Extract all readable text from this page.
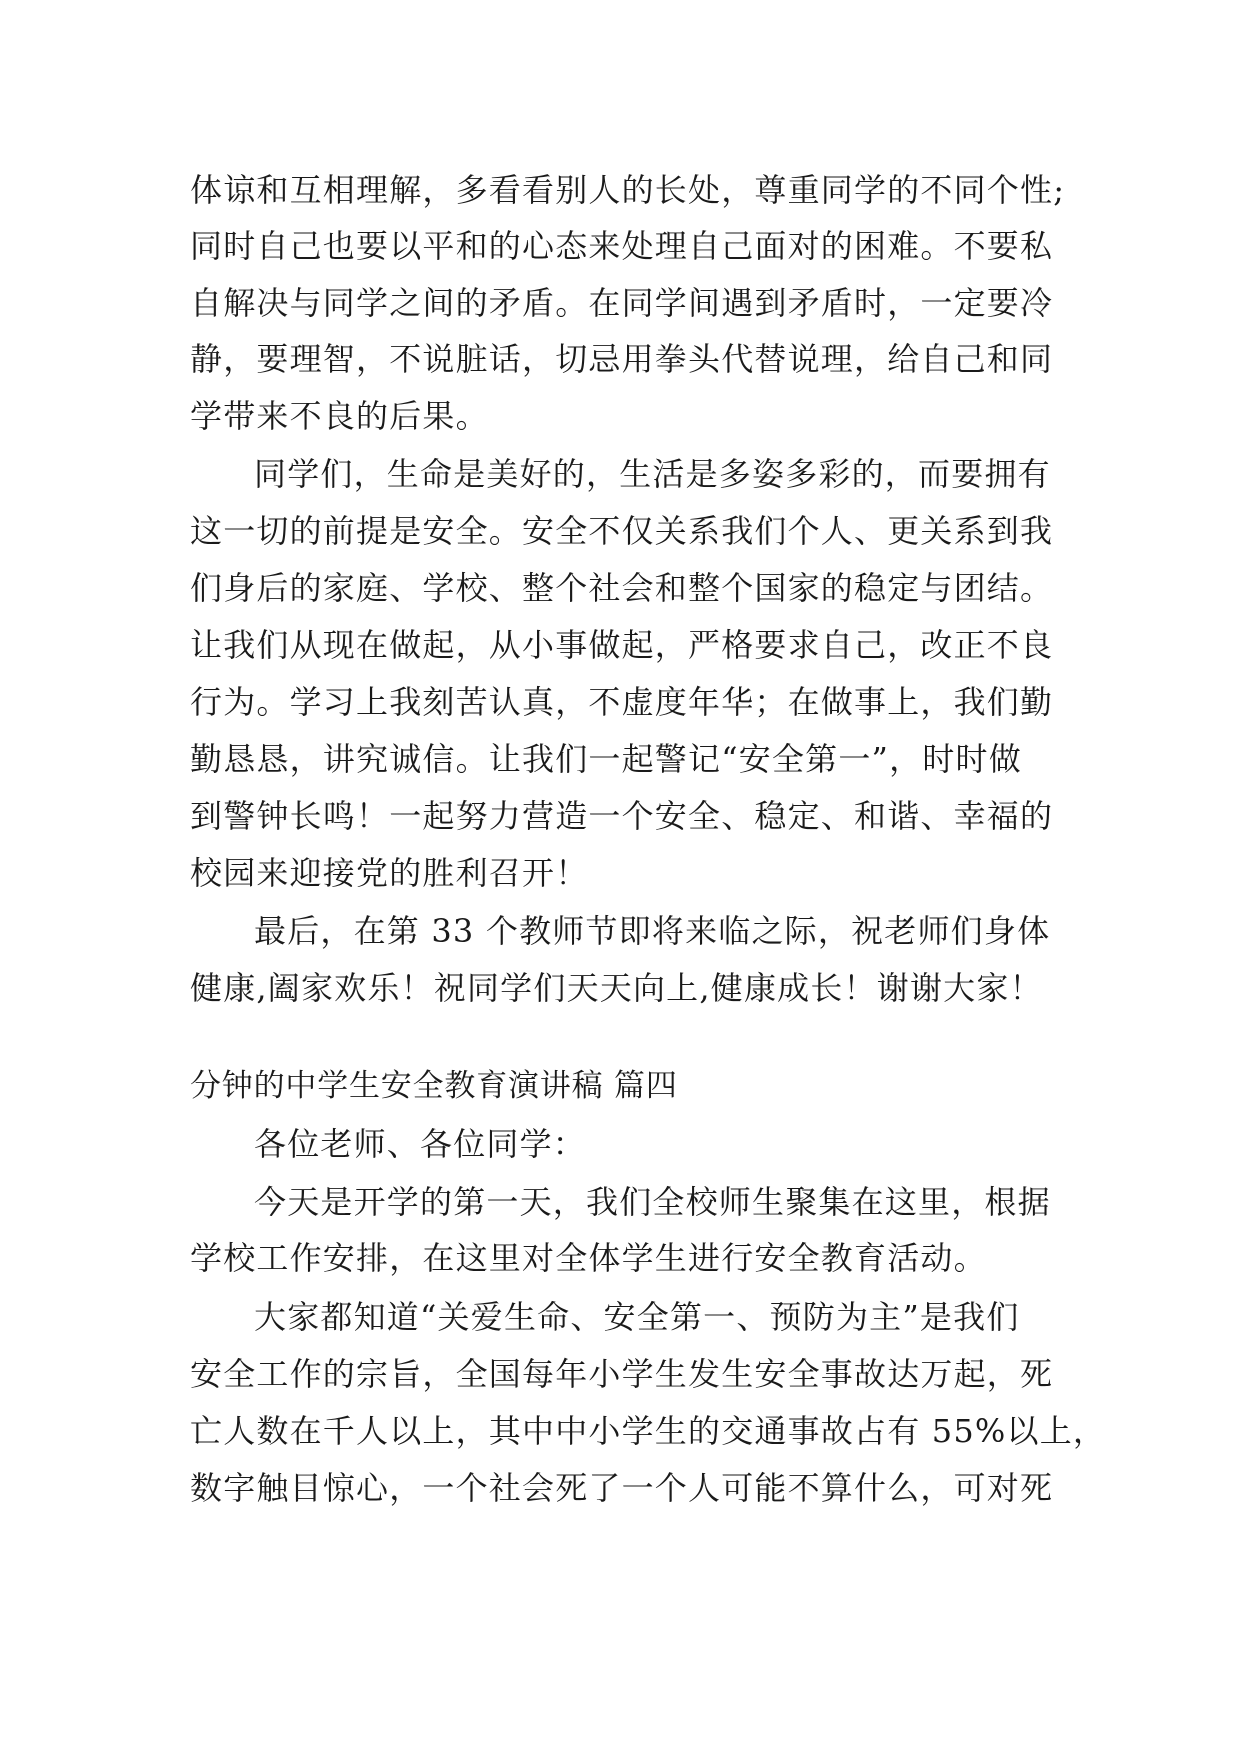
体谅和互相理解，多看看别人的长处，尊重同学的不同个性;
同时自己也要以平和的心态来处理自己面对的困难。不要私
自解决与同学之间的矛盾。在同学间遇到矛盾时，一定要冷
静，要理智，不说脏话，切忌用拳头代替说理，给自己和同
学带来不良的后果。
同学们，生命是美好的，生活是多姿多彩的，而要拥有
这一切的前提是安全。安全不仅关系我们个人、更关系到我
们身后的家庭、学校、整个社会和整个国家的稳定与团结。
让我们从现在做起，从小事做起，严格要求自己，改正不良
行为。学习上我刻苦认真，不虚度年华；在做事上，我们勤
勤恳恳，讲究诚信。让我们一起警记“安全第一”，时时做
到警钟长鸣！一起努力营造一个安全、稳定、和谐、幸福的
校园来迎接党的胜利召开！
最后，在第 33 个教师节即将来临之际，祝老师们身体
健康,阖家欢乐！祝同学们天天向上,健康成长！谢谢大家！
分钟的中学生安全教育演讲稿 篇四
各位老师、各位同学：
今天是开学的第一天，我们全校师生聚集在这里，根据
学校工作安排，在这里对全体学生进行安全教育活动。
大家都知道“关爱生命、安全第一、预防为主”是我们
安全工作的宗旨，全国每年小学生发生安全事故达万起，死
亡人数在千人以上，其中中小学生的交通事故占有 55%以上，
数字触目惊心，一个社会死了一个人可能不算什么，可对死
